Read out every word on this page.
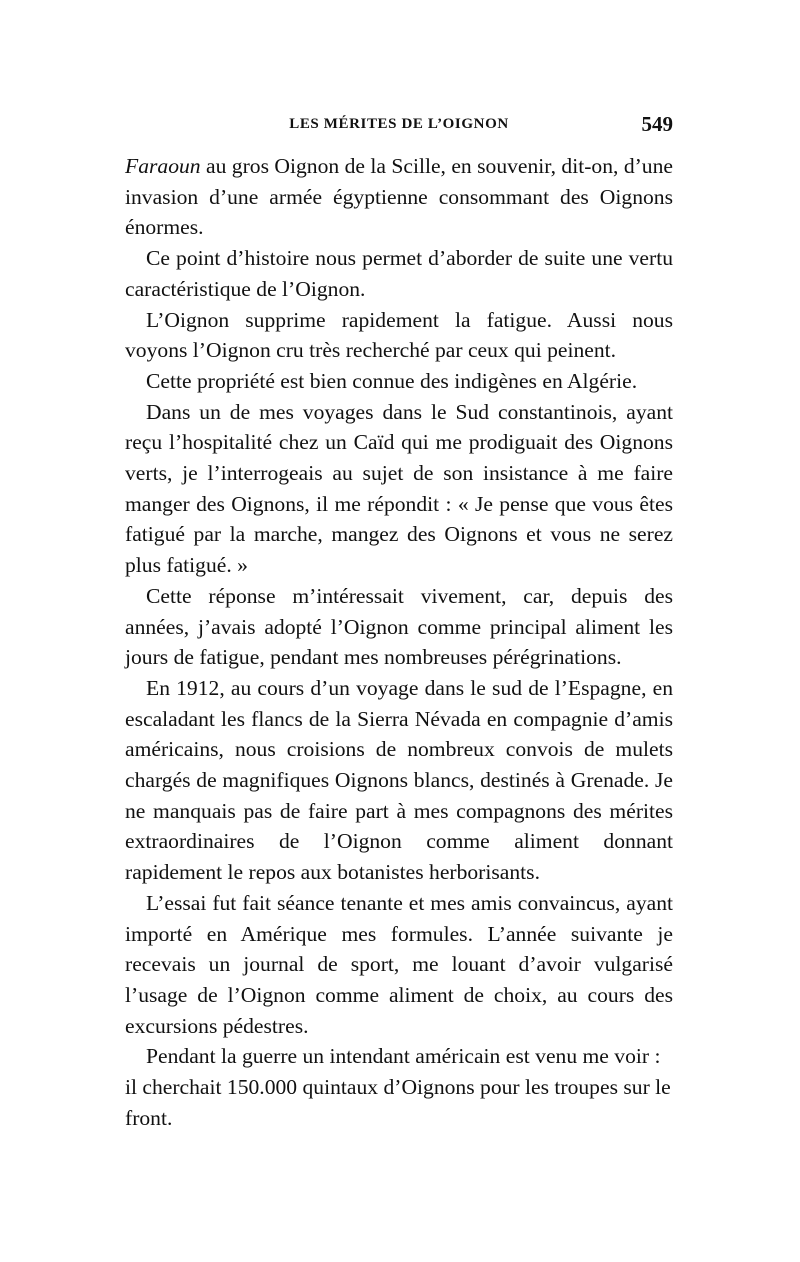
LES MÉRITES DE L’OIGNON	549

Faraoun au gros Oignon de la Scille, en souvenir, dit-on, d’une invasion d’une armée égyptienne consommant des Oignons énormes.

Ce point d’histoire nous permet d’aborder de suite une vertu caractéristique de l’Oignon.

L’Oignon supprime rapidement la fatigue. Aussi nous voyons l’Oignon cru très recherché par ceux qui peinent.

Cette propriété est bien connue des indigènes en Algérie.

Dans un de mes voyages dans le Sud constantinois, ayant reçu l’hospitalité chez un Caïd qui me prodiguait des Oignons verts, je l’interrogeais au sujet de son insistance à me faire manger des Oignons, il me répondit : « Je pense que vous êtes fatigué par la marche, mangez des Oignons et vous ne serez plus fatigué. »

Cette réponse m’intéressait vivement, car, depuis des années, j’avais adopté l’Oignon comme principal aliment les jours de fatigue, pendant mes nombreuses pérégrinations.

En 1912, au cours d’un voyage dans le sud de l’Espagne, en escaladant les flancs de la Sierra Névada en compagnie d’amis américains, nous croisions de nombreux convois de mulets chargés de magnifiques Oignons blancs, destinés à Grenade. Je ne manquais pas de faire part à mes compagnons des mérites extraordinaires de l’Oignon comme aliment donnant rapidement le repos aux botanistes herborisants.

L’essai fut fait séance tenante et mes amis convaincus, ayant importé en Amérique mes formules. L’année suivante je recevais un journal de sport, me louant d’avoir vulgarisé l’usage de l’Oignon comme aliment de choix, au cours des excursions pédestres.

Pendant la guerre un intendant américain est venu me voir : il cherchait 150.000 quintaux d’Oignons pour les troupes sur le front.
